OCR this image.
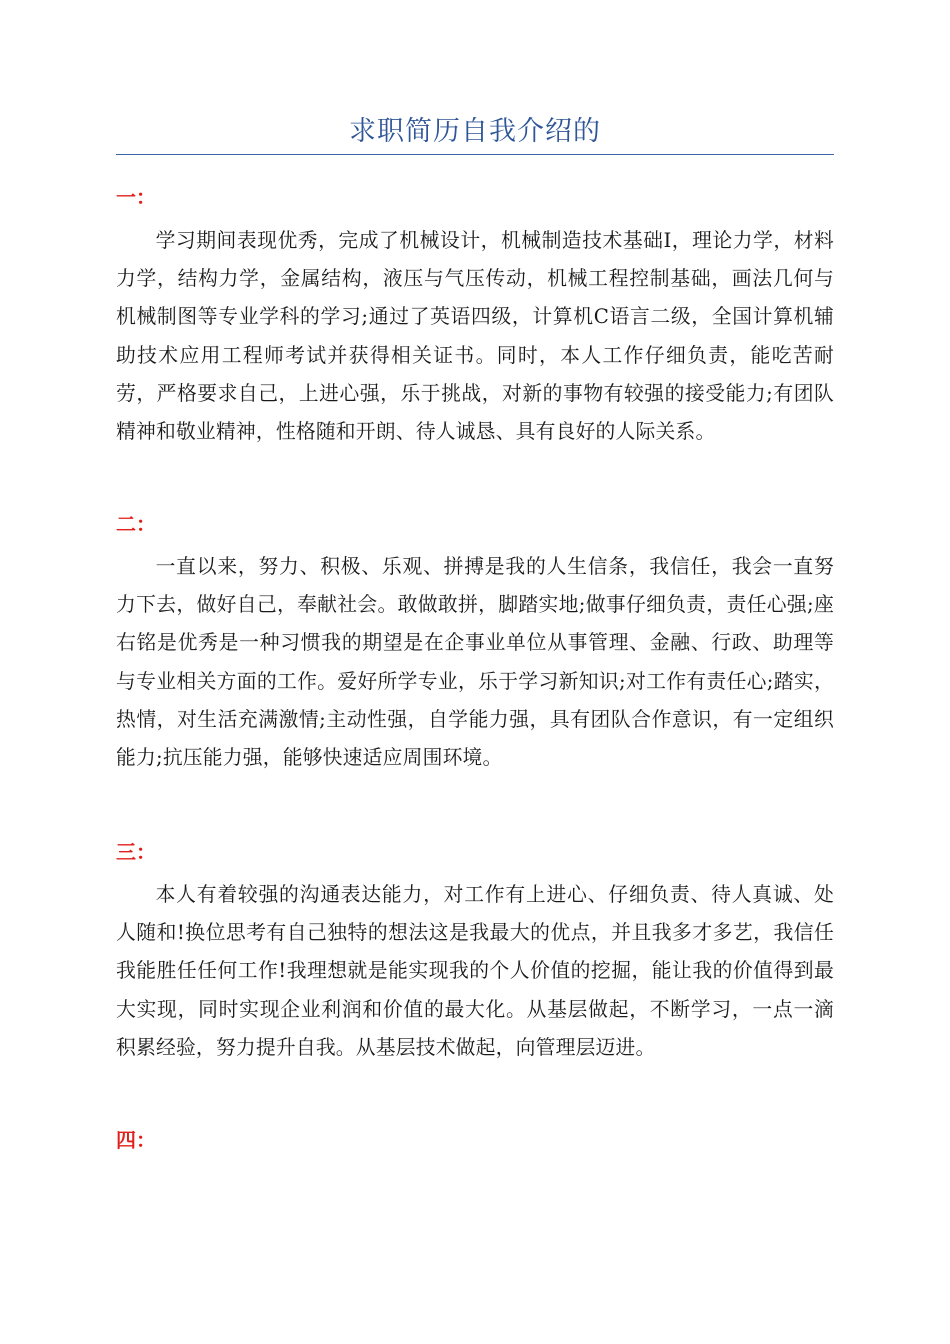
求职简历自我介绍的
一：

学习期间表现优秀，完成了机械设计，机械制造技术基础Ⅰ，理论力学，材料力学，结构力学，金属结构，液压与气压传动，机械工程控制基础，画法几何与机械制图等专业学科的学习;通过了英语四级，计算机C语言二级，全国计算机辅助技术应用工程师考试并获得相关证书。同时，本人工作仔细负责，能吃苦耐劳，严格要求自己，上进心强，乐于挑战，对新的事物有较强的接受能力;有团队精神和敬业精神，性格随和开朗、待人诚恳、具有良好的人际关系。

二：

一直以来，努力、积极、乐观、拼搏是我的人生信条，我信任，我会一直努力下去，做好自己，奉献社会。敢做敢拼，脚踏实地;做事仔细负责，责任心强;座右铭是优秀是一种习惯我的期望是在企事业单位从事管理、金融、行政、助理等与专业相关方面的工作。爱好所学专业，乐于学习新知识;对工作有责任心;踏实，热情，对生活充满激情;主动性强，自学能力强，具有团队合作意识，有一定组织能力;抗压能力强，能够快速适应周围环境。

三：

本人有着较强的沟通表达能力，对工作有上进心、仔细负责、待人真诚、处人随和!换位思考有自己独特的想法这是我最大的优点，并且我多才多艺，我信任我能胜任任何工作!我理想就是能实现我的个人价值的挖掘，能让我的价值得到最大实现，同时实现企业利润和价值的最大化。从基层做起，不断学习，一点一滴积累经验，努力提升自我。从基层技术做起，向管理层迈进。

四：
